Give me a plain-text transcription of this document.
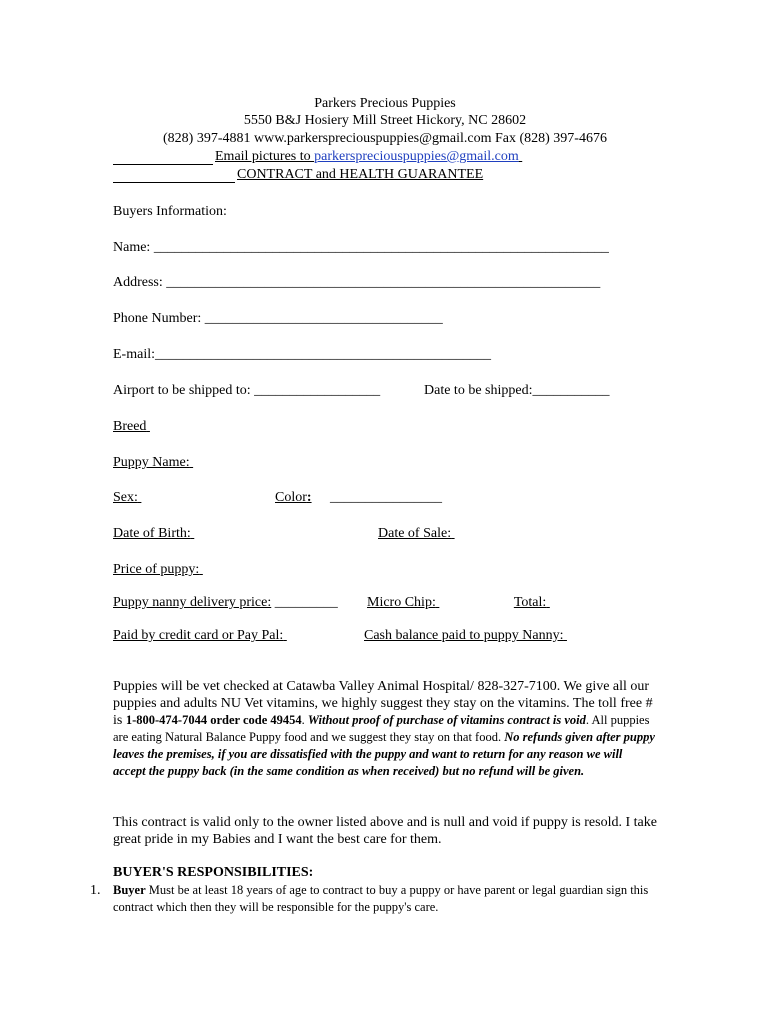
Parkers Precious Puppies
5550 B&J Hosiery Mill Street Hickory, NC 28602
(828) 397-4881 www.parkerspreciouspuppies@gmail.com Fax (828) 397-4676
Email pictures to parkerspreciouspuppies@gmail.com
CONTRACT and HEALTH GUARANTEE
Buyers Information:
Name: _________________________________________________________________
Address: ______________________________________________________________
Phone Number: __________________________________
E-mail:________________________________________________
Airport to be shipped to: __________________	Date to be shipped:___________
Breed
Puppy Name:
Sex:	Color: ________________
Date of Birth:	Date of Sale:
Price of puppy:
Puppy nanny delivery price: _________ Micro Chip:	Total:
Paid by credit card or Pay Pal:	Cash balance paid to puppy Nanny:
Puppies will be vet checked at Catawba Valley Animal Hospital/ 828-327-7100. We give all our puppies and adults NU Vet vitamins, we highly suggest they stay on the vitamins. The toll free # is 1-800-474-7044 order code 49454. Without proof of purchase of vitamins contract is void. All puppies are eating Natural Balance Puppy food and we suggest they stay on that food. No refunds given after puppy leaves the premises, if you are dissatisfied with the puppy and want to return for any reason we will accept the puppy back (in the same condition as when received) but no refund will be given.
This contract is valid only to the owner listed above and is null and void if puppy is resold. I take great pride in my Babies and I want the best care for them.
BUYER'S RESPONSIBILITIES:
1. Buyer Must be at least 18 years of age to contract to buy a puppy or have parent or legal guardian sign this contract which then they will be responsible for the puppy's care.
